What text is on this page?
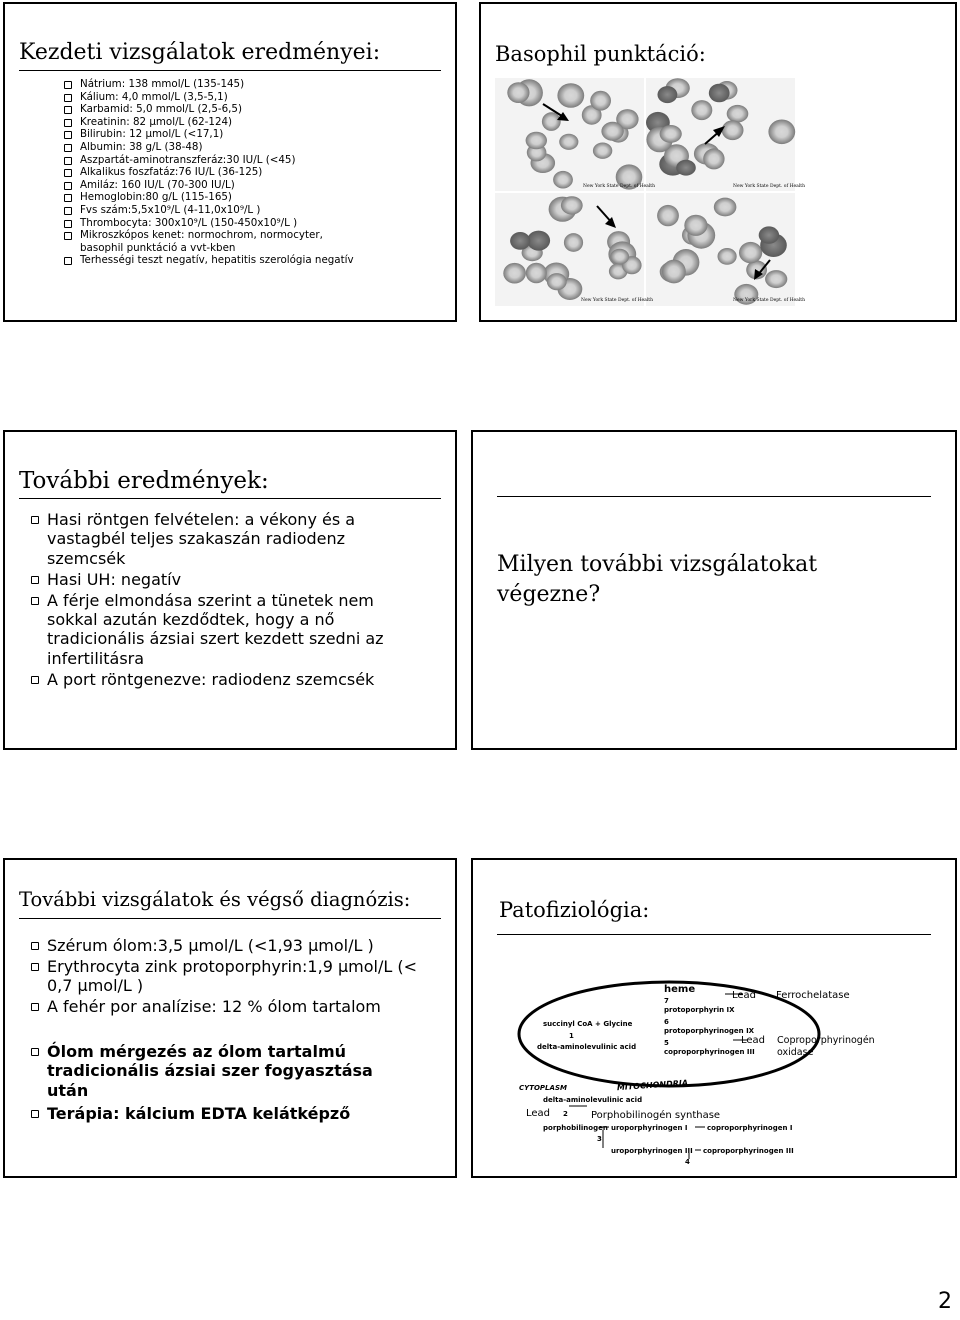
Kezdeti vizsgálatok eredményei:
Nátrium: 138 mmol/L (135-145)
Kálium: 4,0 mmol/L (3,5-5,1)
Karbamid: 5,0 mmol/L (2,5-6,5)
Kreatinin: 82 μmol/L (62-124)
Bilirubin: 12 μmol/L (<17,1)
Albumin: 38 g/L (38-48)
Aszpartát-aminotranszferáz:30 IU/L (<45)
Alkalikus foszfatáz:76 IU/L (36-125)
Amiláz: 160 IU/L (70-300 IU/L)
Hemoglobin:80 g/L (115-165)
Fvs szám:5,5x10⁹/L (4-11,0x10⁹/L )
Thrombocyta: 300x10⁹/L (150-450x10⁹/L )
Mikroszkópos kenet: normochrom, normocyter, basophil punktáció a vvt-kben
Terhességi teszt negatív, hepatitis szerológia negatív
Basophil punktáció:
New York State Dept. of Health	New York State Dept. of Health
New York State Dept. of Health	New York State Dept. of Health
További eredmények:
Hasi röntgen felvételen: a vékony és a vastagbél teljes szakaszán radiodenz szemcsék
Hasi UH: negatív
A férje elmondása szerint a tünetek nem sokkal azután kezdődtek, hogy a nő tradicionális ázsiai szert kezdett szedni az infertilitásra
A port röntgenezve: radiodenz szemcsék
Milyen további vizsgálatokat végezne?
További vizsgálatok és végső diagnózis:
Szérum ólom:3,5 μmol/L (<1,93 μmol/L )
Erythrocyta zink protoporphyrin:1,9 μmol/L (< 0,7 μmol/L )
A fehér por analízise: 12 % ólom tartalom
Ólom mérgezés az ólom tartalmú tradicionális ázsiai szer fogyasztása után
Terápia: kálcium EDTA kelátképző
Patofiziológia:
MITOCHONDRIA
CYTOPLASM
heme
7
protoporphyrin IX
6
protoporphyrinogen IX
5
coproporphyrinogen III
succinyl CoA + Glycine
1
delta-aminolevulinic acid
Lead Ferrochelatase
Lead Coproporphyrinogén
oxidase
delta-aminolevulinic acid
Lead 2 Porphobilinogén synthase
porphobilinogen uroporphyrinogen I	coproporphyrinogen I
3
uroporphyrinogen III coproporphyrinogen III
4
2
